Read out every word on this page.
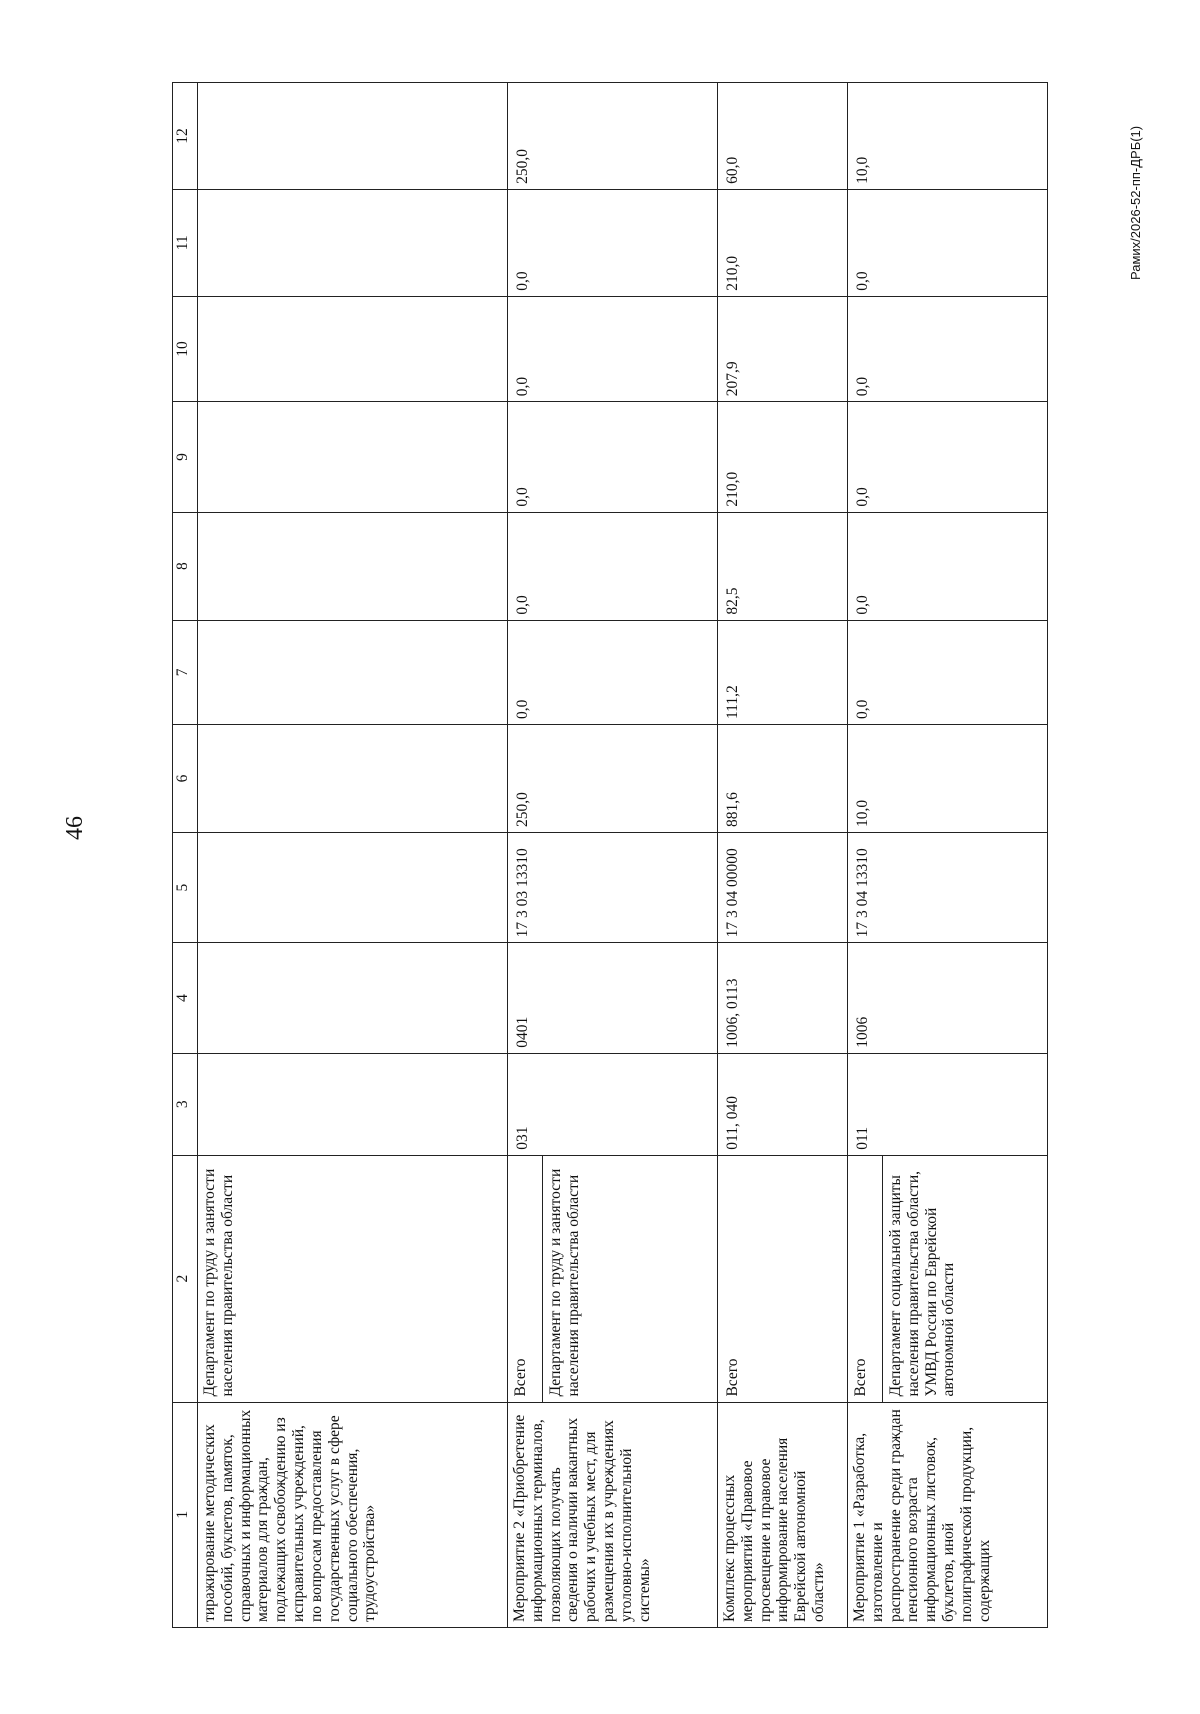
46
Рамих/2026-52-пп-ДРБ(1)
1	2	3	4	5	6	7	8	9	10	11	12
тиражирование методических пособий, буклетов, памяток, справочных и информационных материалов для граждан, подлежащих освобождению из исправительных учреждений, по вопросам предоставления государственных услуг в сфере социального обеспечения, трудоустройства»	Департамент по труду и занятости населения правительства области										
Мероприятие 2 «Приобретение информационных терминалов, позволяющих получать сведения о наличии вакантных рабочих и учебных мест, для размещения их в учреждениях уголовно-исполнительной системы»	Всего Департамент по труду и занятости населения правительства области	031	0401	17 3 03 13310	250,0	0,0	0,0	0,0	0,0	0,0	250,0
Комплекс процессных мероприятий «Правовое просвещение и правовое информирование населения Еврейской автономной области»	Всего	011, 040	1006, 0113	17 3 04 00000	881,6	111,2	82,5	210,0	207,9	210,0	60,0
Мероприятие 1 «Разработка, изготовление и распространение среди граждан пенсионного возраста информационных листовок, буклетов, иной полиграфической продукции, содержащих	Всего Департамент социальной защиты населения правительства области, УМВД России по Еврейской автономной области	011	1006	17 3 04 13310	10,0	0,0	0,0	0,0	0,0	0,0	10,0
